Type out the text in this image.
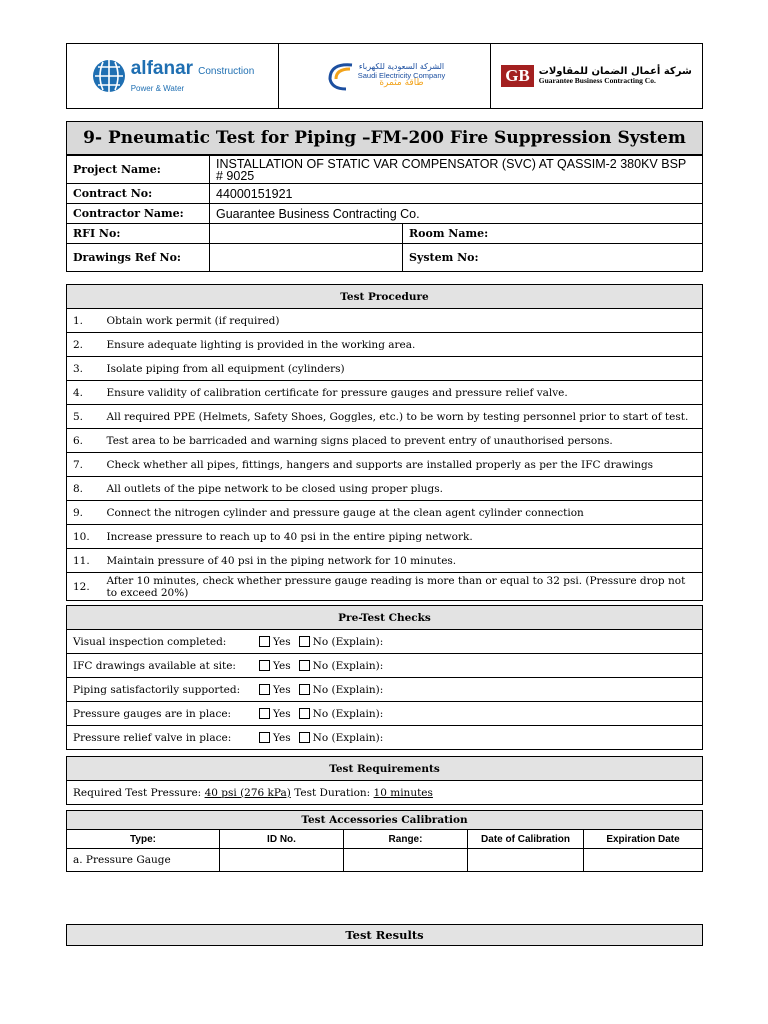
alfanar Construction
Power & Water
الشركة السعودية للكهرباء
Saudi Electricity Company
طاقة مثمرة	GB شركة أعمال الضمان للمقاولات
Guarantee Business Contracting Co.
9- Pneumatic Test for Piping –FM-200 Fire Suppression System
Project Name:	INSTALLATION OF STATIC VAR COMPENSATOR (SVC) AT QASSIM-2 380KV BSP # 9025	
Contract No:	44000151921	
Contractor Name:	Guarantee Business Contracting Co.	
RFI No:		Room Name:
Drawings Ref No:		System No:
Test Procedure	
1.	Obtain work permit (if required)
2.	Ensure adequate lighting is provided in the working area.
3.	Isolate piping from all equipment (cylinders)
4.	Ensure validity of calibration certificate for pressure gauges and pressure relief valve.
5.	All required PPE (Helmets, Safety Shoes, Goggles, etc.) to be worn by testing personnel prior to start of test.
6.	Test area to be barricaded and warning signs placed to prevent entry of unauthorised persons.
7.	Check whether all pipes, fittings, hangers and supports are installed properly as per the IFC drawings
8.	All outlets of the pipe network to be closed using proper plugs.
9.	Connect the nitrogen cylinder and pressure gauge at the clean agent cylinder connection
10.	Increase pressure to reach up to 40 psi in the entire piping network.
11.	Maintain pressure of 40 psi in the piping network for 10 minutes.
12.	After 10 minutes, check whether pressure gauge reading is more than or equal to 32 psi. (Pressure drop not to exceed 20%)
Pre-Test Checks

Visual inspection completed:	Yes No (Explain):

IFC drawings available at site:	Yes No (Explain):

Piping satisfactorily supported:	Yes No (Explain):

Pressure gauges are in place:	Yes No (Explain):

Pressure relief valve in place:	Yes No (Explain):
Test Requirements
Required Test Pressure: 40 psi (276 kPa) Test Duration: 10 minutes
Test Accessories Calibration				
Type:	ID No.	Range:	Date of Calibration	Expiration Date
a. Pressure Gauge				
Test Results
